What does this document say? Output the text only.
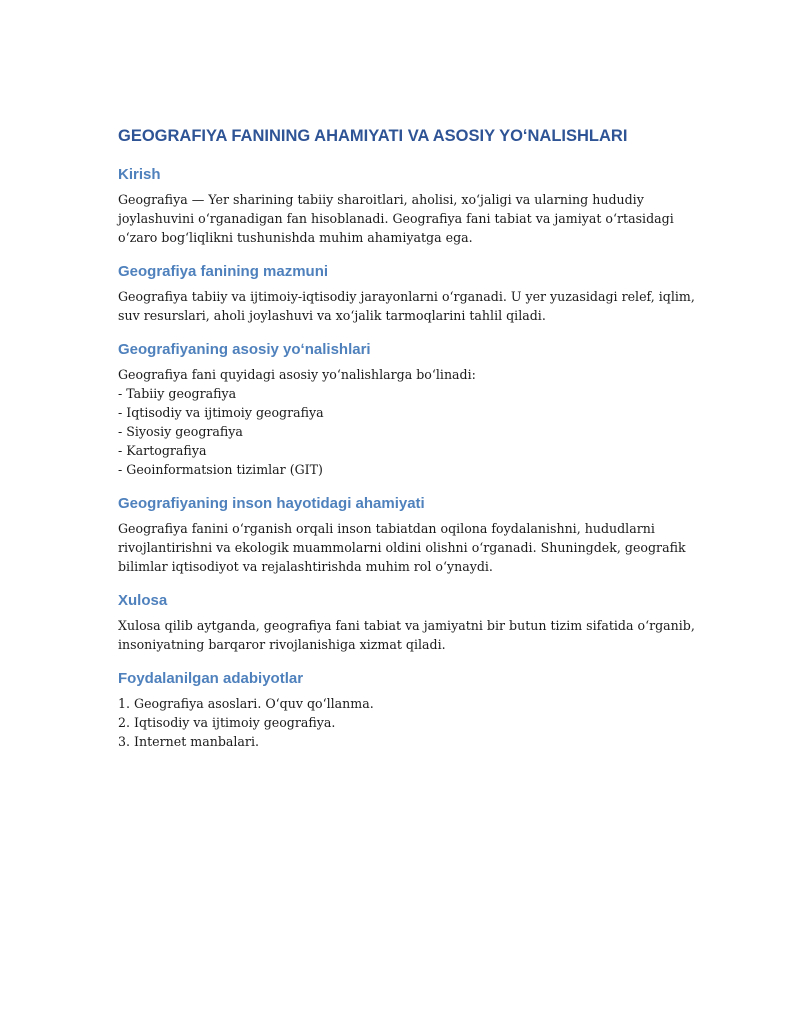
GEOGRAFIYA FANINING AHAMIYATI VA ASOSIY YOʻNALISHLARI
Kirish

Geografiya — Yer sharining tabiiy sharoitlari, aholisi, xoʻjaligi va ularning hududiy joylashuvini oʻrganadigan fan hisoblanadi. Geografiya fani tabiat va jamiyat oʻrtasidagi oʻzaro bogʻliqlikni tushunishda muhim ahamiyatga ega.

Geografiya fanining mazmuni

Geografiya tabiiy va ijtimoiy-iqtisodiy jarayonlarni oʻrganadi. U yer yuzasidagi relef, iqlim, suv resurslari, aholi joylashuvi va xoʻjalik tarmoqlarini tahlil qiladi.

Geografiyaning asosiy yoʻnalishlari

Geografiya fani quyidagi asosiy yoʻnalishlarga boʻlinadi:

- Tabiiy geografiya

- Iqtisodiy va ijtimoiy geografiya

- Siyosiy geografiya

- Kartografiya

- Geoinformatsion tizimlar (GIT)

Geografiyaning inson hayotidagi ahamiyati

Geografiya fanini oʻrganish orqali inson tabiatdan oqilona foydalanishni, hududlarni rivojlantirishni va ekologik muammolarni oldini olishni oʻrganadi. Shuningdek, geografik bilimlar iqtisodiyot va rejalashtirishda muhim rol oʻynaydi.

Xulosa

Xulosa qilib aytganda, geografiya fani tabiat va jamiyatni bir butun tizim sifatida oʻrganib, insoniyatning barqaror rivojlanishiga xizmat qiladi.

Foydalanilgan adabiyotlar

1. Geografiya asoslari. Oʻquv qoʻllanma.

2. Iqtisodiy va ijtimoiy geografiya.

3. Internet manbalari.
